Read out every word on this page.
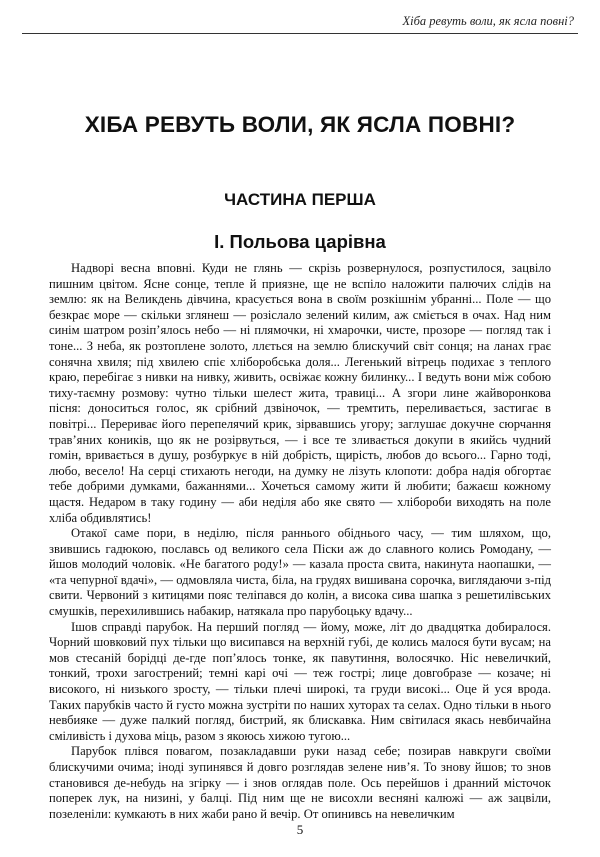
Хіба ревуть воли, як ясла повні?
ХІБА РЕВУТЬ ВОЛИ, ЯК ЯСЛА ПОВНІ?
ЧАСТИНА ПЕРША
I. Польова царівна

Надворі весна вповні. Куди не глянь — скрізь розвернулося, розпустилося, зацвіло пишним цвітом. Ясне сонце, тепле й приязне, ще не вспіло наложити палючих слідів на землю: як на Великдень дівчина, красується вона в своїм розкішнім убранні... Поле — що безкрає море — скільки зглянеш — розіслало зелений килим, аж сміється в очах. Над ним синім шатром розіп’ялось небо — ні плямочки, ні хмарочки, чисте, прозоре — погляд так і тоне... З неба, як розтоплене золото, ллється на землю блискучий світ сонця; на ланах грає сонячна хвиля; під хвилею спіє хліборобська доля... Легенький вітрець подихає з теплого краю, перебігає з нивки на нивку, живить, освіжає кожну билинку... І ведуть вони між собою тиху-таємну розмову: чутно тільки шелест жита, травиці... А згори линe жайворонкова пісня: доноситься голос, як срібний дзвіночок, — тремтить, переливається, застигає в повітрі... Перериває його перепелячий крик, зірвавшись угору; заглушає докучне сюрчання трав’яних коників, що як не розірвуться, — і все те зливається докупи в якийсь чудний гомін, вривається в душу, розбуркує в ній добрість, щирість, любов до всього... Гарно тоді, любо, весело! На серці стихають негоди, на думку не лізуть клопоти: добра надія обгортає тебе добрими думками, бажаннями... Хочеться самому жити й любити; бажаєш кожному щастя. Недаром в таку годину — аби неділя або яке свято — хлібороби виходять на поле хліба обдивлятись!

Отакої саме пори, в неділю, після раннього обіднього часу, — тим шляхом, що, звившись гадюкою, пославсь од великого села Піски аж до славного колись Ромодану, — йшов молодий чоловік. «Не багатого роду!» — казала проста свита, накинута наопашки, — «та чепурної вдачі», — одмовляла чиста, біла, на грудях вишивана сорочка, виглядаючи з-під свити. Червоний з китицями пояс теліпався до колін, а висока сива шапка з решетилівських смушків, перехилившись набакир, натякала про парубоцьку вдачу...

Ішов справді парубок. На перший погляд — йому, може, літ до двадцятка добиралося. Чорний шовковий пух тільки що висипався на верхній губі, де колись малося бути вусам; на мов стесаній борідці де-где поп’ялось тонке, як павутиння, волосячко. Ніс невеличкий, тонкий, трохи загострений; темні карі очі — теж гострі; лице довгобразе — козаче; ні високого, ні низького зросту, — тільки плечі широкі, та груди високі... Оце й уся врода. Таких парубків часто й густо можна зустріти по наших хуторах та селах. Одно тільки в нього невбияке — дуже палкий погляд, бистрий, як блискавка. Ним світилася якась невбичайна сміливість і духова міць, разом з якоюсь хижою тугою...

Парубок плівся повагом, позакладавши руки назад себе; позирав навкруги своїми блискучими очима; іноді зупинявся й довго розглядав зелене нив’я. То знову йшов; то знов становився де-небудь на згірку — і знов оглядав поле. Ось перейшов і дранний місточок поперек лук, на низині, у балці. Під ним ще не висохли весняні калюжі — аж зацвіли, позеленіли: кумкають в них жаби рано й вечір. От опинивсь на невеличким

5
